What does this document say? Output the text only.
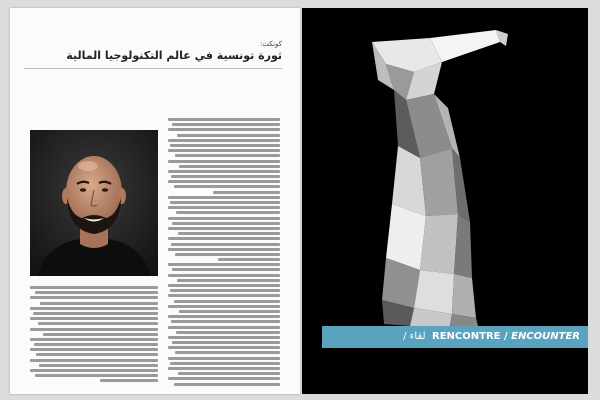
كونكت:
ثورة تونسية في عالم التكنولوجيا المالية
/ لقاء RENCONTRE / ENCOUNTER
